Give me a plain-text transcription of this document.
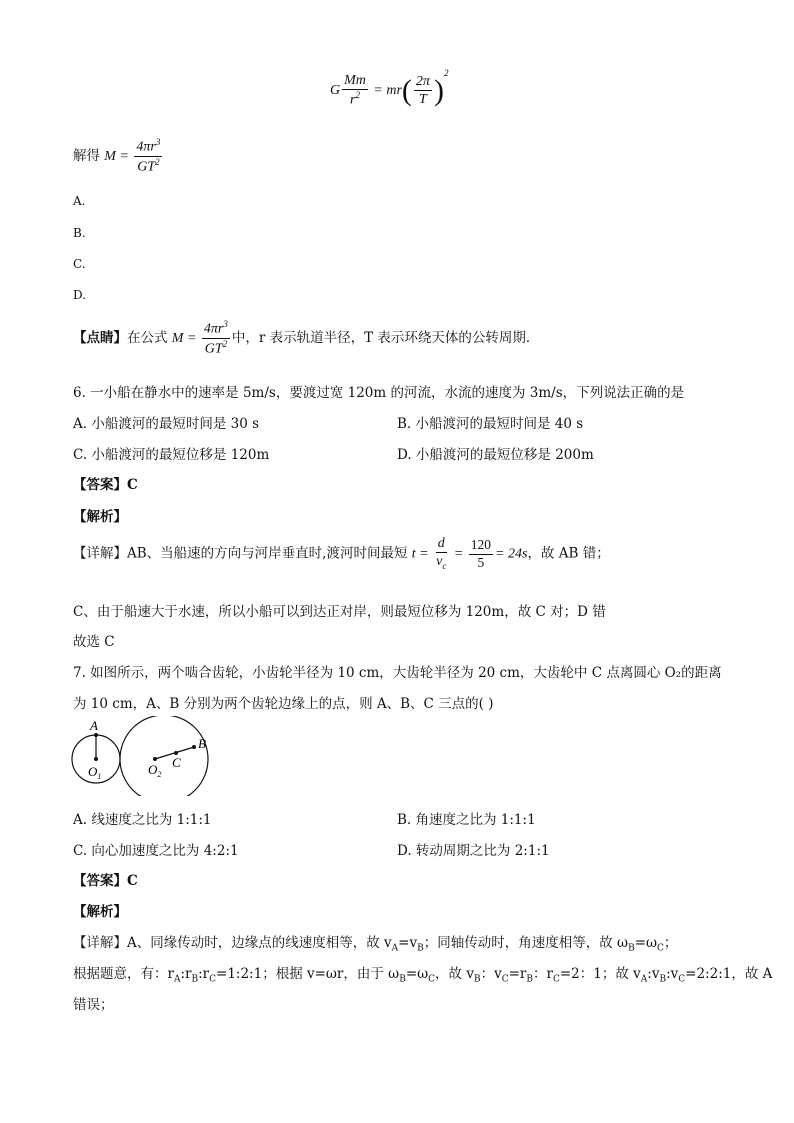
G $\frac{Mm}{r^2} = mr( \frac{2\pi}{T} )^2$
解得 $M = \frac{4\pi r^3}{GT^2}$
A.
B.
C.
D.
【点睛】在公式 $M = \frac{4\pi r^3}{GT^2}$ 中，r 表示轨道半径，T 表示环绕天体的公转周期．
6. 一小船在静水中的速率是 5m/s，要渡过宽 120m 的河流，水流的速度为 3m/s，下列说法正确的是
A. 小船渡河的最短时间是 30 s	B. 小船渡河的最短时间是 40 s
C. 小船渡河的最短位移是 120m	D. 小船渡河的最短位移是 200m
【答案】C
【解析】
【详解】AB、当船速的方向与河岸垂直时,渡河时间最短 $t = \frac{d}{v_c} = \frac{120}{5} = 24s$，故 AB 错；
C、由于船速大于水速，所以小船可以到达正对岸，则最短位移为 120m，故 C 对；D 错
故选 C
7. 如图所示，两个啮合齿轮，小齿轮半径为 10 cm，大齿轮半径为 20 cm，大齿轮中 C 点离圆心 O₂的距离
为 10 cm，A、B 分别为两个齿轮边缘上的点，则 A、B、C 三点的( )
A
B
C
$O_1$	$O_2$
A. 线速度之比为 1:1:1	B. 角速度之比为 1:1:1
C. 向心加速度之比为 4:2:1	D. 转动周期之比为 2:1:1
【答案】C
【解析】
【详解】A、同缘传动时，边缘点的线速度相等，故 $v_A=v_B$；同轴传动时，角速度相等，故 $\omega_B=\omega_C$；
根据题意，有：$r_A:r_B:r_C=1:2:1$；根据 v=ωr，由于 $\omega_B=\omega_C$，故 $v_B$：$v_C=r_B$：$r_C=2$：1；故 $v_A:v_B:v_C=2:2:1$，故 A
错误；
